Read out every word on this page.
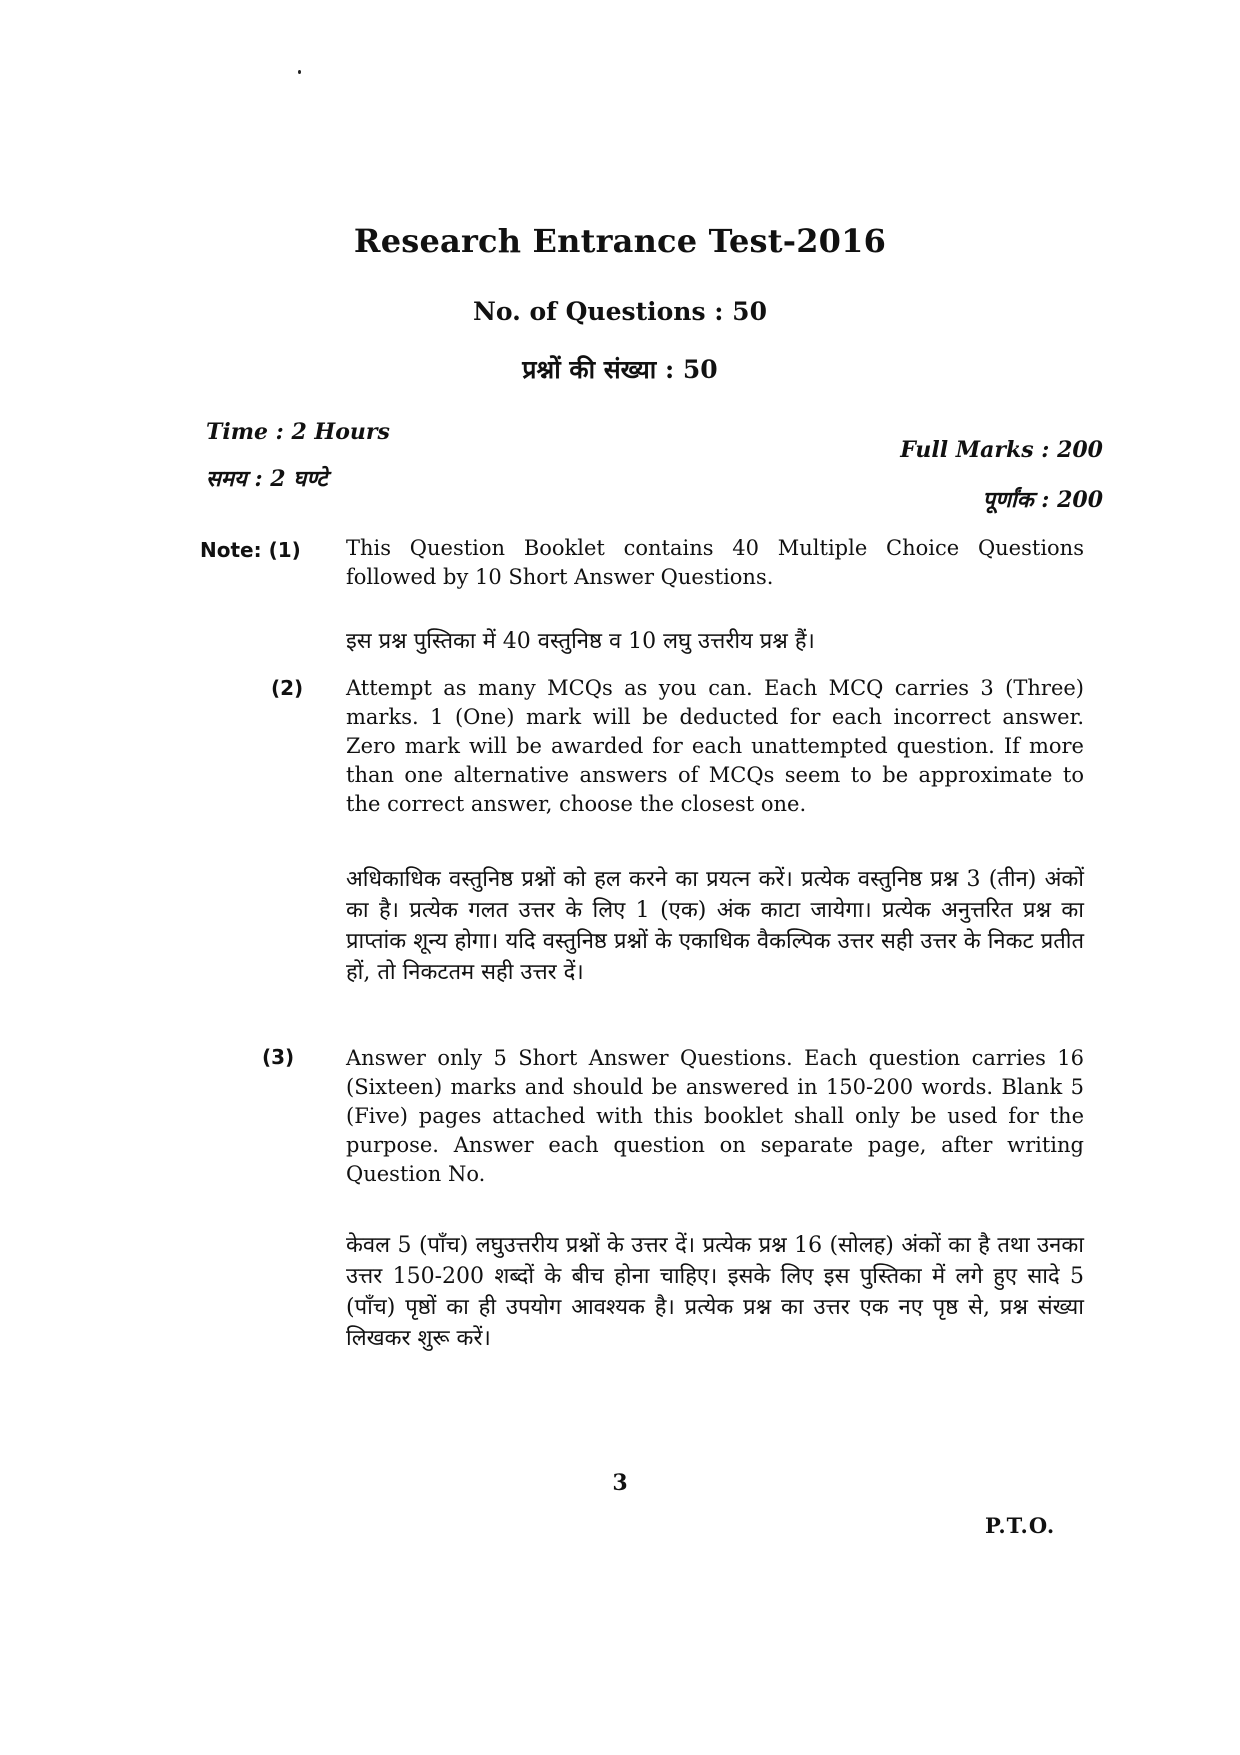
Research Entrance Test-2016
No. of Questions : 50
प्रश्नों की संख्या : 50
Time : 2 Hours
समय : 2 घण्टे
Full Marks : 200
पूर्णांक : 200
Note: (1) This Question Booklet contains 40 Multiple Choice Questions followed by 10 Short Answer Questions.
इस प्रश्न पुस्तिका में 40 वस्तुनिष्ठ व 10 लघु उत्तरीय प्रश्न हैं।
(2) Attempt as many MCQs as you can. Each MCQ carries 3 (Three) marks. 1 (One) mark will be deducted for each incorrect answer. Zero mark will be awarded for each unattempted question. If more than one alternative answers of MCQs seem to be approximate to the correct answer, choose the closest one.
अधिकाधिक वस्तुनिष्ठ प्रश्नों को हल करने का प्रयत्न करें। प्रत्येक वस्तुनिष्ठ प्रश्न 3 (तीन) अंकों का है। प्रत्येक गलत उत्तर के लिए 1 (एक) अंक काटा जायेगा। प्रत्येक अनुत्तरित प्रश्न का प्राप्तांक शून्य होगा। यदि वस्तुनिष्ठ प्रश्नों के एकाधिक वैकल्पिक उत्तर सही उत्तर के निकट प्रतीत हों, तो निकटतम सही उत्तर दें।
(3) Answer only 5 Short Answer Questions. Each question carries 16 (Sixteen) marks and should be answered in 150-200 words. Blank 5 (Five) pages attached with this booklet shall only be used for the purpose. Answer each question on separate page, after writing Question No.
केवल 5 (पाँच) लघुउत्तरीय प्रश्नों के उत्तर दें। प्रत्येक प्रश्न 16 (सोलह) अंकों का है तथा उनका उत्तर 150-200 शब्दों के बीच होना चाहिए। इसके लिए इस पुस्तिका में लगे हुए सादे 5 (पाँच) पृष्ठों का ही उपयोग आवश्यक है। प्रत्येक प्रश्न का उत्तर एक नए पृष्ठ से, प्रश्न संख्या लिखकर शुरू करें।
3
P.T.O.
